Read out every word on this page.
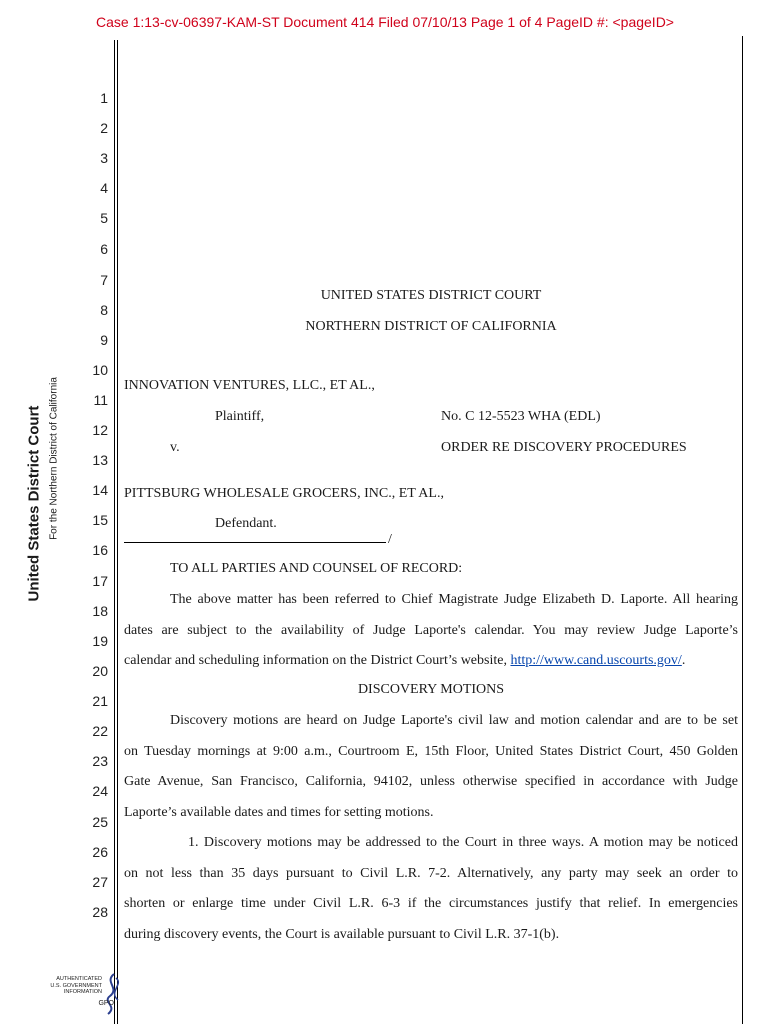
Case 1:13-cv-06397-KAM-ST Document 414 Filed 07/10/13 Page 1 of 4 PageID #: <pageID>
United States District Court For the Northern District of California
1
2
3
4
5
6
7
8
9
10
11
12
13
14
15
16
17
18
19
20
21
22
23
24
25
26
27
28
UNITED STATES DISTRICT COURT
NORTHERN DISTRICT OF CALIFORNIA
INNOVATION VENTURES, LLC., ET AL.,
Plaintiff,	No. C 12-5523 WHA (EDL)
v.	ORDER RE DISCOVERY PROCEDURES
PITTSBURG WHOLESALE GROCERS, INC., ET AL.,
Defendant.
/
TO ALL PARTIES AND COUNSEL OF RECORD:
The above matter has been referred to Chief Magistrate Judge Elizabeth D. Laporte. All hearing
dates are subject to the availability of Judge Laporte's calendar. You may review Judge Laporte’s
calendar and scheduling information on the District Court’s website, http://www.cand.uscourts.gov/.
DISCOVERY MOTIONS
Discovery motions are heard on Judge Laporte's civil law and motion calendar and are to be set
on Tuesday mornings at 9:00 a.m., Courtroom E, 15th Floor, United States District Court, 450 Golden
Gate Avenue, San Francisco, California, 94102, unless otherwise specified in accordance with Judge
Laporte’s available dates and times for setting motions.
1. Discovery motions may be addressed to the Court in three ways. A motion may be noticed
on not less than 35 days pursuant to Civil L.R. 7-2. Alternatively, any party may seek an order to
shorten or enlarge time under Civil L.R. 6-3 if the circumstances justify that relief. In emergencies
during discovery events, the Court is available pursuant to Civil L.R. 37-1(b).
AUTHENTICATED
U.S. GOVERNMENT
INFORMATION
GPO
